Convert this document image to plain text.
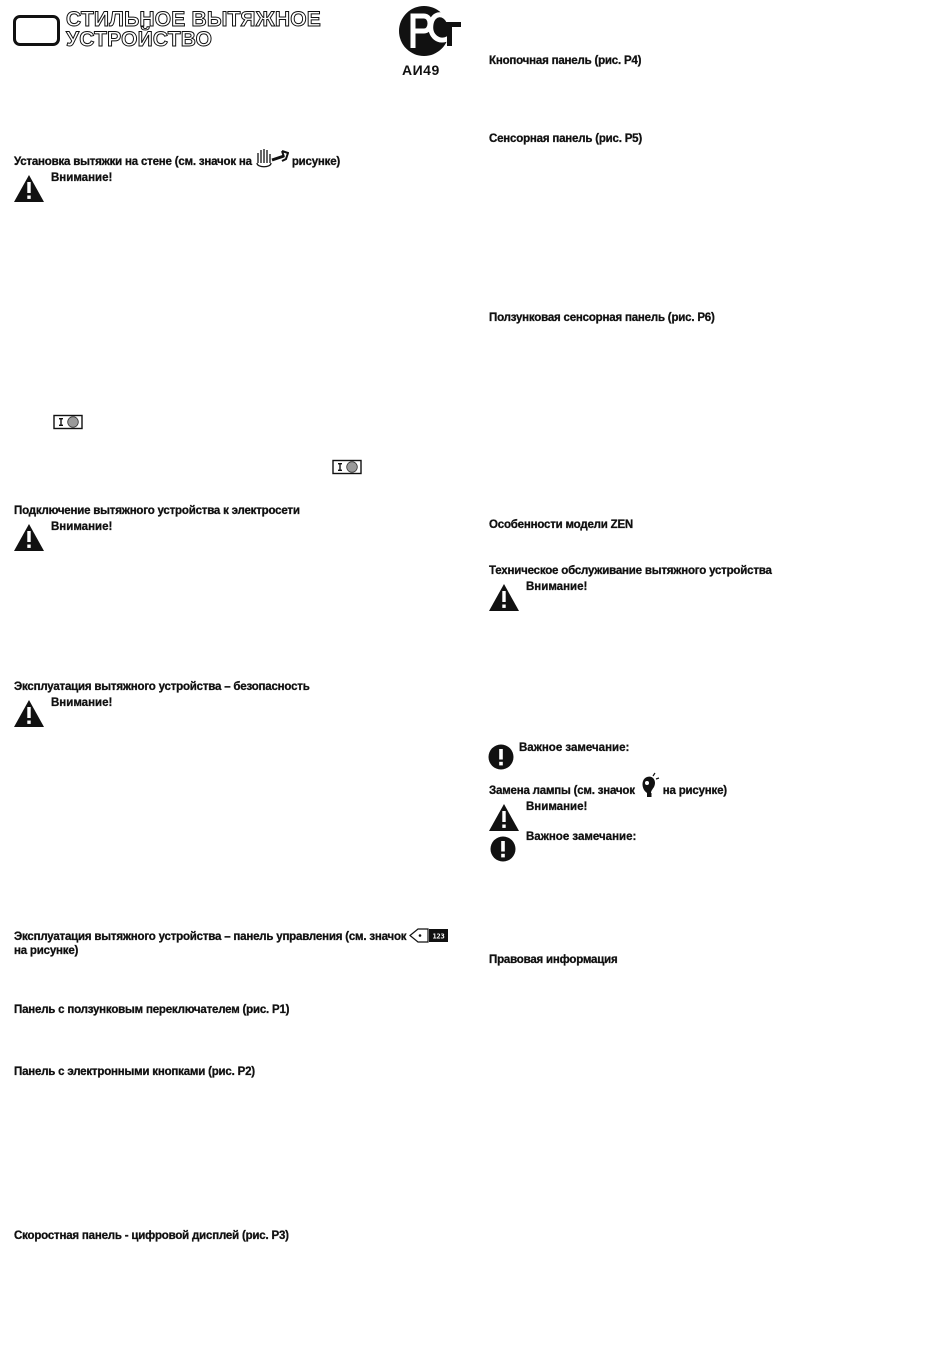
СТИЛЬНОЕ ВЫТЯЖНОЕ
УСТРОЙСТВО
АИ49
Установка вытяжки на стене (см. значок на	рисунке)
Внимание!
Подключение вытяжного устройства к электросети
Внимание!
Эксплуатация вытяжного устройства – безопасность
Внимание!
Эксплуатация вытяжного устройства – панель управления (см. значок	123
на рисунке)
Панель с ползунковым переключателем (рис. P1)
Панель с электронными кнопками (рис. P2)
Скоростная панель - цифровой дисплей (рис. P3)
Кнопочная панель (рис. P4)
Сенсорная панель (рис. P5)
Ползунковая сенсорная панель (рис. P6)
Особенности модели ZEN
Техническое обслуживание вытяжного устройства
Внимание!
Важное замечание:
Замена лампы (см. значок на рисунке)
Внимание!
Важное замечание:
Правовая информация
